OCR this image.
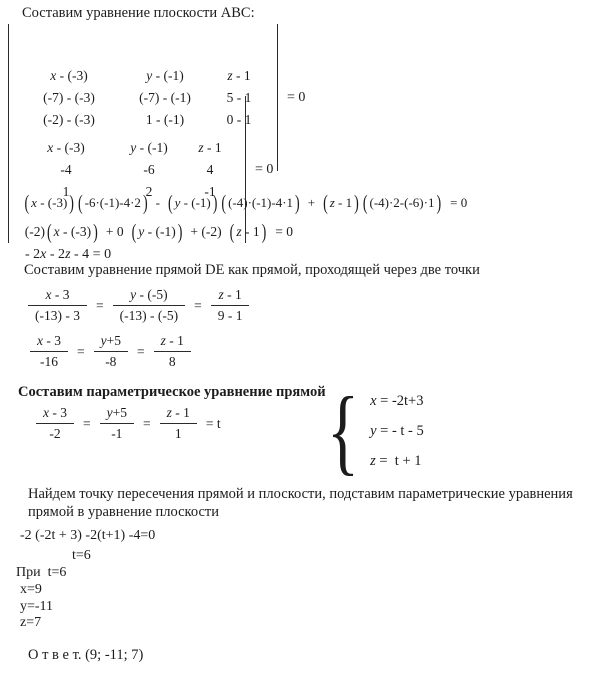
Составим уравнение плоскости ABC:

x - (-3)	y - (-1)	z - 1
(-7) - (-3)	(-7) - (-1)	5 - 1
(-2) - (-3)	1 - (-1)	0 - 1

= 0

x - (-3)	y - (-1)	z - 1
-4	-6	4
1	2	-1

= 0

( x - (-3) ) ( -6·(-1)-4·2 ) - ( y - (-1) ) ( (-4)·(-1)-4·1 ) + ( z - 1 ) ( (-4)·2-(-6)·1 ) = 0

(-2) ( x - (-3) ) + 0 ( y - (-1) ) + (-2) ( z - 1 ) = 0

- 2x - 2z - 4 = 0

Составим уравнение прямой DE как прямой, проходящей через две точки
$\frac{x - 3}{(-13) - 3} = \frac{y - (-5)}{(-13) - (-5)} = \frac{z - 1}{9 - 1}$
$\frac{x - 3}{-16} = \frac{y+5}{-8} = \frac{z - 1}{8}$
Составим параметрическое уравнение прямой
$\frac{x - 3}{-2} = \frac{y+5}{-1} = \frac{z - 1}{1} = t$ { x = -2t+3
y = - t - 5
z =  t + 1
Найдем точку пересечения прямой и плоскости, подставим параметрические уравнения прямой в уравнение плоскости
-2 (-2t + 3) -2(t+1) -4=0
t=6
При  t=6
x=9
y=-11
z=7
О т в е т. (9; -11; 7)
